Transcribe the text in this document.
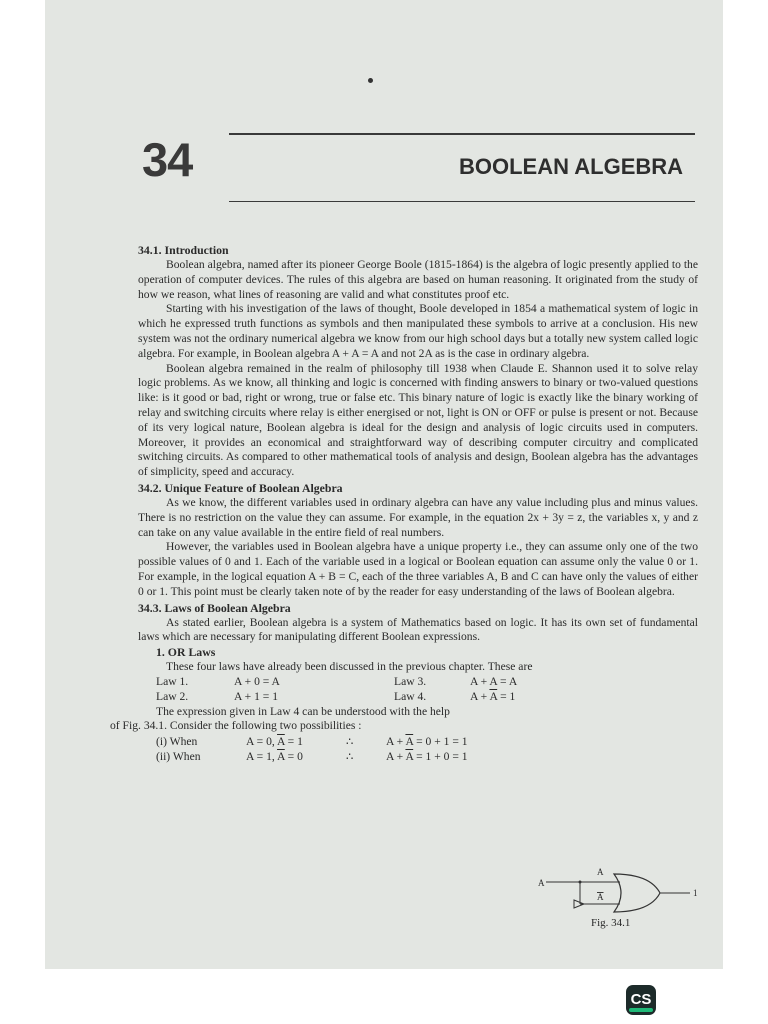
34	BOOLEAN ALGEBRA
34.1. Introduction

Boolean algebra, named after its pioneer George Boole (1815-1864) is the algebra of logic presently applied to the operation of computer devices. The rules of this algebra are based on human reasoning. It originated from the study of how we reason, what lines of reasoning are valid and what constitutes proof etc.

Starting with his investigation of the laws of thought, Boole developed in 1854 a mathematical system of logic in which he expressed truth functions as symbols and then manipulated these symbols to arrive at a conclusion. His new system was not the ordinary numerical algebra we know from our high school days but a totally new system called logic algebra. For example, in Boolean algebra A + A = A and not 2A as is the case in ordinary algebra.

Boolean algebra remained in the realm of philosophy till 1938 when Claude E. Shannon used it to solve relay logic problems. As we know, all thinking and logic is concerned with finding answers to binary or two-valued questions like: is it good or bad, right or wrong, true or false etc. This binary nature of logic is exactly like the binary working of relay and switching circuits where relay is either energised or not, light is ON or OFF or pulse is present or not. Because of its very logical nature, Boolean algebra is ideal for the design and analysis of logic circuits used in computers. Moreover, it provides an economical and straightforward way of describing computer circuitry and complicated switching circuits. As compared to other mathematical tools of analysis and design, Boolean algebra has the advantages of simplicity, speed and accuracy.

34.2. Unique Feature of Boolean Algebra

As we know, the different variables used in ordinary algebra can have any value including plus and minus values. There is no restriction on the value they can assume. For example, in the equation 2x + 3y = z, the variables x, y and z can take on any value available in the entire field of real numbers.

However, the variables used in Boolean algebra have a unique property i.e., they can assume only one of the two possible values of 0 and 1. Each of the variable used in a logical or Boolean equation can assume only the value 0 or 1. For example, in the logical equation A + B = C, each of the three variables A, B and C can have only the values of either 0 or 1. This point must be clearly taken note of by the reader for easy understanding of the laws of Boolean algebra.

34.3. Laws of Boolean Algebra

As stated earlier, Boolean algebra is a system of Mathematics based on logic. It has its own set of fundamental laws which are necessary for manipulating different Boolean expressions.

1. OR Laws

These four laws have already been discussed in the previous chapter. These are

Law 1.	A + 0 = A	Law 3.	A + A = A
Law 2.	A + 1 = 1	Law 4.	$A + \overline{A} = 1$
The expression given in Law 4 can be understood with the help
of Fig. 34.1. Consider the following two possibilities :
(i) When	A = 0, $\overline{A} = 1$	∴	$A + \overline{A} = 0 + 1 = 1$
(ii) When	A = 1, $\overline{A} = 0$	∴	$A + \overline{A} = 1 + 0 = 1$
A
A
A	1
Fig. 34.1
CS
